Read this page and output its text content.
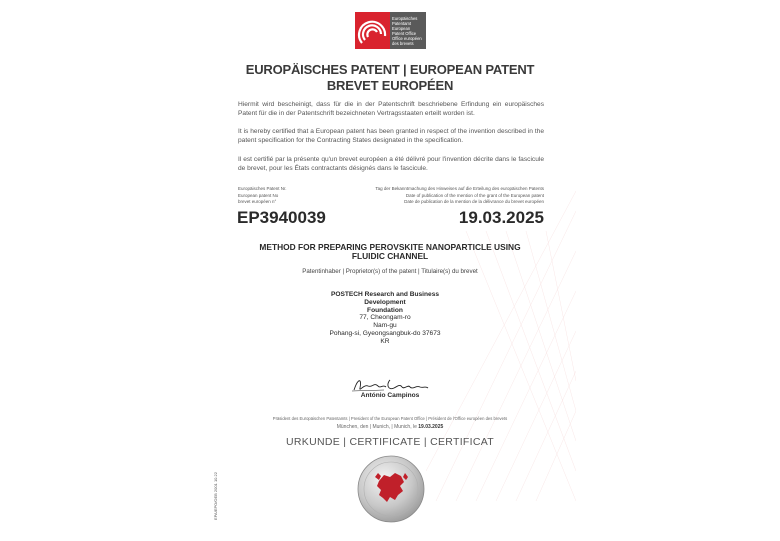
Europäisches
Patentamt
European
Patent Office
Office européen
des brevets
EUROPÄISCHES PATENT | EUROPEAN PATENT
BREVET EUROPÉEN
Hiermit wird bescheinigt, dass für die in der Patentschrift beschriebene Erfindung ein europäisches Patent für die in der Patentschrift bezeichneten Vertragsstaaten erteilt worden ist.
It is hereby certified that a European patent has been granted in respect of the invention described in the patent specification for the Contracting States designated in the specification.
Il est certifié par la présente qu'un brevet européen a été délivré pour l'invention décrite dans le fascicule de brevet, pour les États contractants désignés dans le fascicule.
Europäisches Patent Nr.
European patent No
brevet européen n°
Tag der Bekanntmachung des Hinweises auf die Erteilung des europäischen Patents
Date of publication of the mention of the grant of the European patent
Date de publication de la mention de la délivrance du brevet européen
EP3940039	19.03.2025
METHOD FOR PREPARING PEROVSKITE NANOPARTICLE USING
FLUIDIC CHANNEL
Patentinhaber | Proprietor(s) of the patent | Titulaire(s) du brevet
POSTECH Research and Business
Development
Foundation
77, Cheongam-ro
Nam-gu
Pohang-si, Gyeongsangbuk-do 37673
KR
António Campinos
Präsident des Europäischen Patentamts | President of the European Patent Office | Président de l'Office européen des brevets
München, den | Munich, | Munich, le 19.03.2025
URKUNDE | CERTIFICATE | CERTIFICAT
EPA/EPO/OEB 2001 10.22
